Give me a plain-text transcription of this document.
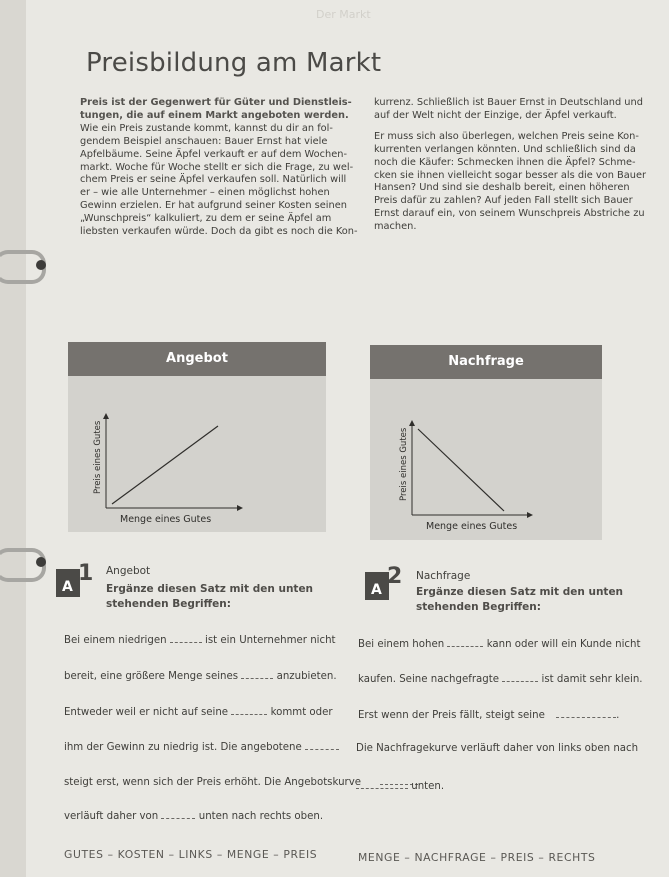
Der Markt
Preisbildung am Markt

Preis ist der Gegenwert für Güter und Dienstleis-

tungen, die auf einem Markt angeboten werden.

Wie ein Preis zustande kommt, kannst du dir an fol-

gendem Beispiel anschauen: Bauer Ernst hat viele

Apfelbäume. Seine Äpfel verkauft er auf dem Wochen-

markt. Woche für Woche stellt er sich die Frage, zu wel-

chem Preis er seine Äpfel verkaufen soll. Natürlich will

er – wie alle Unternehmer – einen möglichst hohen

Gewinn erzielen. Er hat aufgrund seiner Kosten seinen

„Wunschpreis“ kalkuliert, zu dem er seine Äpfel am

liebsten verkaufen würde. Doch da gibt es noch die Kon-

kurrenz. Schließlich ist Bauer Ernst in Deutschland und

auf der Welt nicht der Einzige, der Äpfel verkauft.

Er muss sich also überlegen, welchen Preis seine Kon-

kurrenten verlangen könnten. Und schließlich sind da

noch die Käufer: Schmecken ihnen die Äpfel? Schme-

cken sie ihnen vielleicht sogar besser als die von Bauer

Hansen? Und sind sie deshalb bereit, einen höheren

Preis dafür zu zahlen? Auf jeden Fall stellt sich Bauer

Ernst darauf ein, von seinem Wunschpreis Abstriche zu

machen.

Angebot
Menge eines Gutes
Preis eines Gutes
Nachfrage
Menge eines Gutes
Preis eines Gutes
A
1 Angebot
Ergänze diesen Satz mit den unten
stehenden Begriffen:
A
2 Nachfrage
Ergänze diesen Satz mit den unten
stehenden Begriffen:
Bei einem niedrigen	ist ein Unternehmer nicht
bereit, eine größere Menge seines	anzubieten.
Entweder weil er nicht auf seine	kommt oder
ihm der Gewinn zu niedrig ist. Die angebotene
steigt erst, wenn sich der Preis erhöht. Die Angebotskurve
verläuft daher von	unten nach rechts oben.
Bei einem hohen	kann oder will ein Kunde nicht
kaufen. Seine nachgefragte	ist damit sehr klein.
Erst wenn der Preis fällt, steigt seine	.
Die Nachfragekurve verläuft daher von links oben nach
unten.
GUTES – KOSTEN – LINKS – MENGE – PREIS	MENGE – NACHFRAGE – PREIS – RECHTS
